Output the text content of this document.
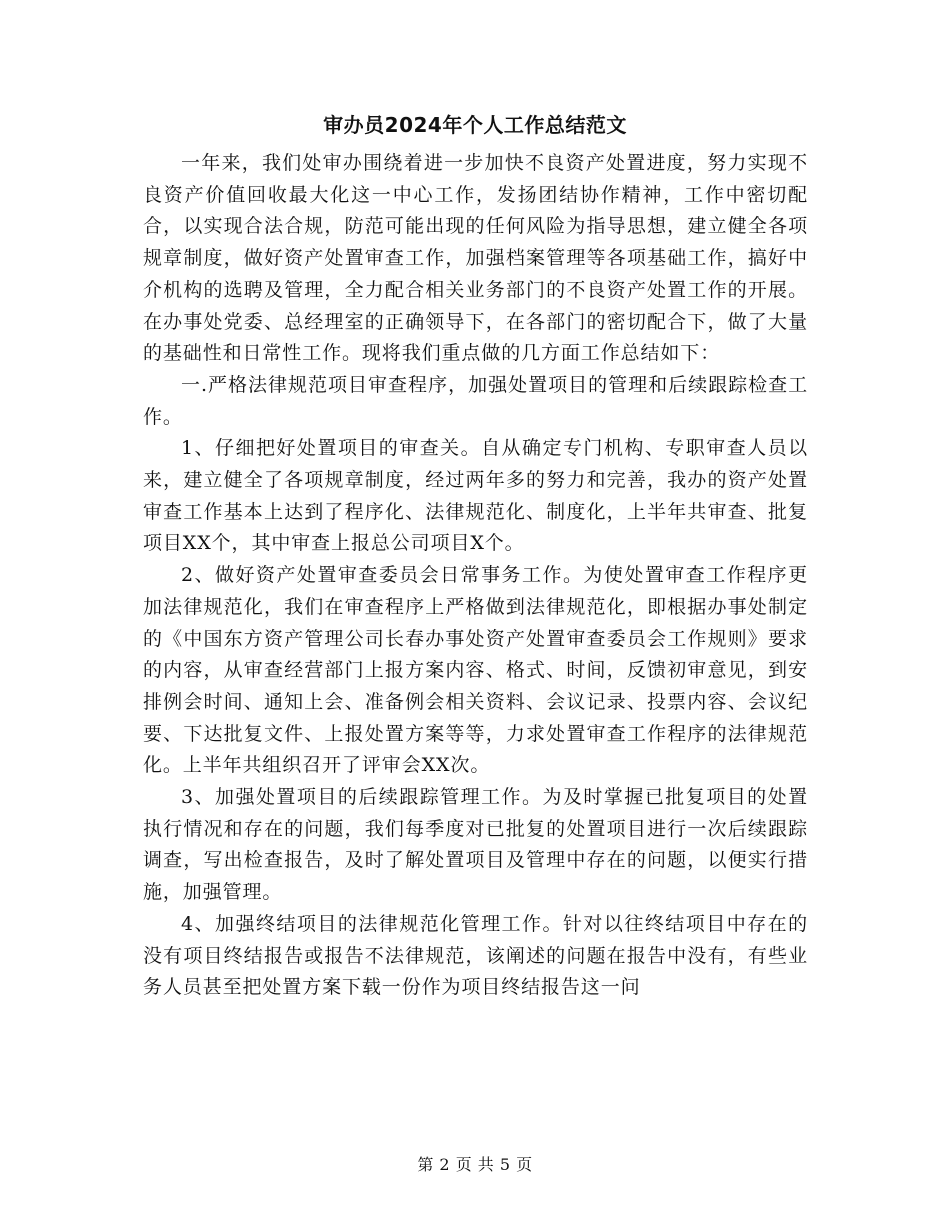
审办员2024年个人工作总结范文

一年来，我们处审办围绕着进一步加快不良资产处置进度，努力实现不良资产价值回收最大化这一中心工作，发扬团结协作精神，工作中密切配合，以实现合法合规，防范可能出现的任何风险为指导思想，建立健全各项规章制度，做好资产处置审查工作，加强档案管理等各项基础工作，搞好中介机构的选聘及管理，全力配合相关业务部门的不良资产处置工作的开展。在办事处党委、总经理室的正确领导下，在各部门的密切配合下，做了大量的基础性和日常性工作。现将我们重点做的几方面工作总结如下：

一.严格法律规范项目审查程序，加强处置项目的管理和后续跟踪检查工作。

1、仔细把好处置项目的审查关。自从确定专门机构、专职审查人员以来，建立健全了各项规章制度，经过两年多的努力和完善，我办的资产处置审查工作基本上达到了程序化、法律规范化、制度化，上半年共审查、批复项目XX个，其中审查上报总公司项目X个。

2、做好资产处置审查委员会日常事务工作。为使处置审查工作程序更加法律规范化，我们在审查程序上严格做到法律规范化，即根据办事处制定的《中国东方资产管理公司长春办事处资产处置审查委员会工作规则》要求的内容，从审查经营部门上报方案内容、格式、时间，反馈初审意见，到安排例会时间、通知上会、准备例会相关资料、会议记录、投票内容、会议纪要、下达批复文件、上报处置方案等等，力求处置审查工作程序的法律规范化。上半年共组织召开了评审会XX次。

3、加强处置项目的后续跟踪管理工作。为及时掌握已批复项目的处置执行情况和存在的问题，我们每季度对已批复的处置项目进行一次后续跟踪调查，写出检查报告，及时了解处置项目及管理中存在的问题，以便实行措施，加强管理。

4、加强终结项目的法律规范化管理工作。针对以往终结项目中存在的没有项目终结报告或报告不法律规范，该阐述的问题在报告中没有，有些业务人员甚至把处置方案下载一份作为项目终结报告这一问

第 2 页 共 5 页
